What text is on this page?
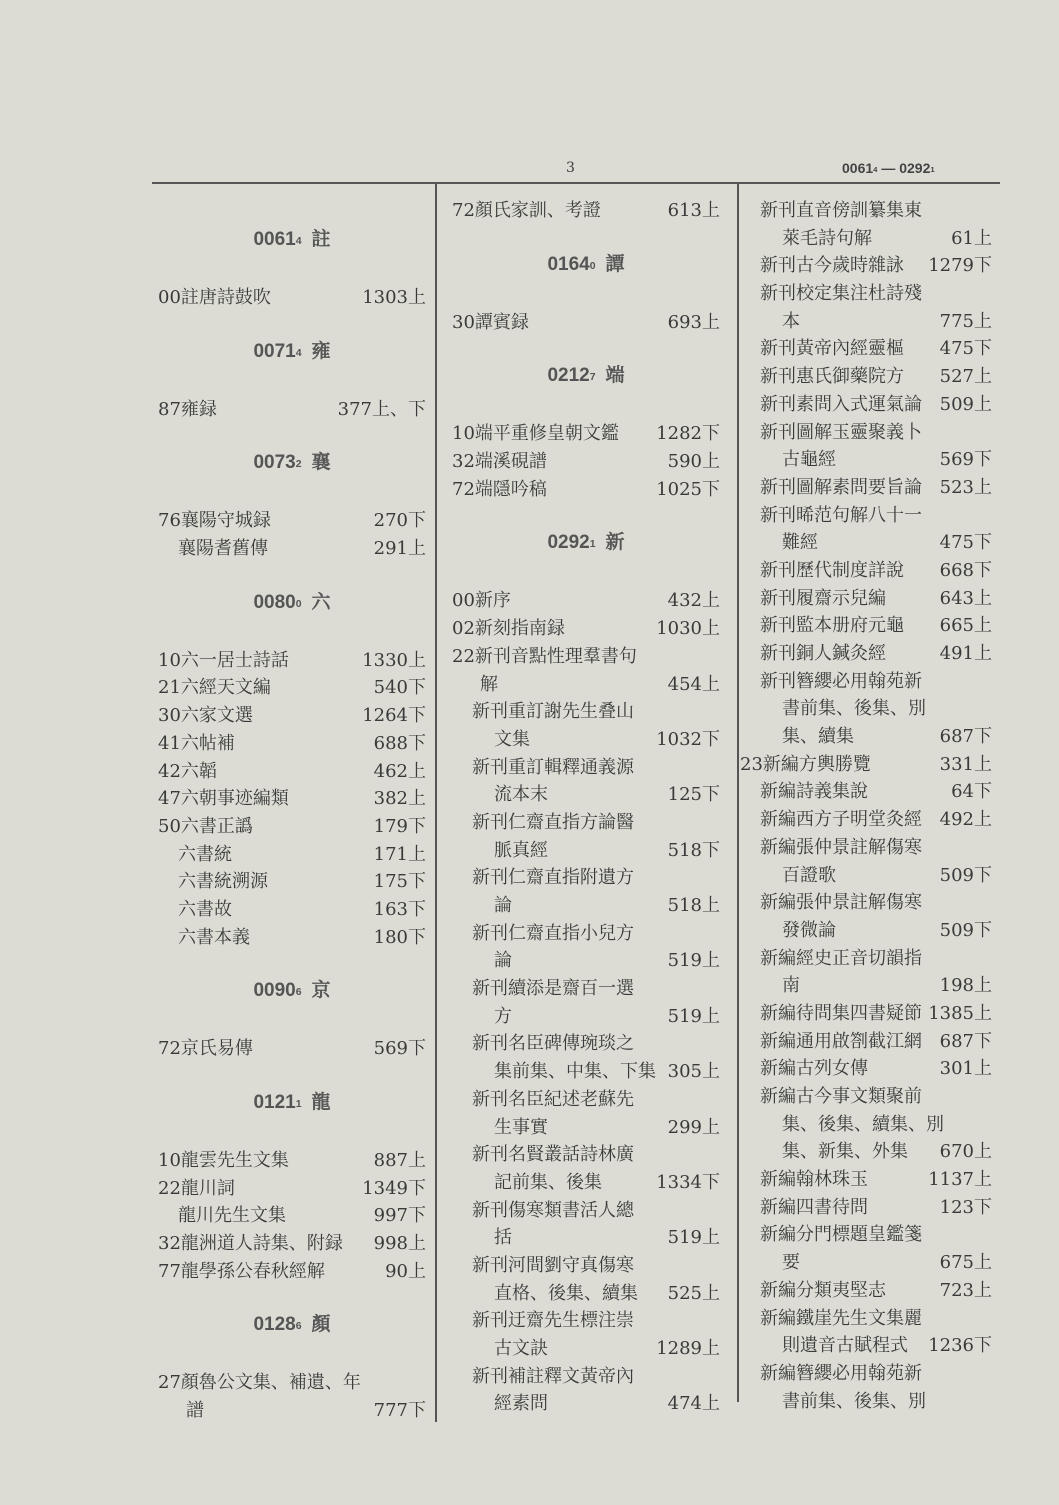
3	$0061_4$ — $0292_1$
$0061_4$ 註
00註唐詩鼓吹	1303上
$0071_4$ 雍
87雍録	377上、下
$0073_2$ 襄
76襄陽守城録	270下
襄陽耆舊傳	291上
$0080_0$ 六
10六一居士詩話	1330上
21六經天文編	540下
30六家文選	1264下
41六帖補	688下
42六韜	462上
47六朝事迹編類	382上
50六書正譌	179下
六書統	171上
六書統溯源	175下
六書故	163下
六書本義	180下
$0090_6$ 京
72京氏易傳	569下
$0121_1$ 龍
10龍雲先生文集	887上
22龍川詞	1349下
龍川先生文集	997下
32龍洲道人詩集、附録 998上
77龍學孫公春秋經解	90上
$0128_6$ 顏
27顏魯公文集、補遺、年
譜	777下
72顏氏家訓、考證	613上
$0164_0$ 譚
30譚賓録	693上
$0212_7$ 端
10端平重修皇朝文鑑 1282下
32端溪硯譜	590上
72端隱吟稿	1025下
$0292_1$ 新
00新序	432上
02新刻指南録	1030上
22新刊音點性理羣書句
解	454上
新刊重訂謝先生叠山
文集	1032下
新刊重訂輯釋通義源
流本末	125下
新刊仁齋直指方論醫
脈真經	518下
新刊仁齋直指附遺方
論	518上
新刊仁齋直指小兒方
論	519上
新刊續添是齋百一選
方	519上
新刊名臣碑傳琬琰之
集前集、中集、下集 305上
新刊名臣紀述老蘇先
生事實	299上
新刊名賢叢話詩林廣
記前集、後集	1334下
新刊傷寒類書活人總
括	519上
新刊河間劉守真傷寒
直格、後集、續集 525上
新刊迂齋先生標注崇
古文訣	1289上
新刊補註釋文黃帝內
經素問	474上
新刊直音傍訓纂集東
萊毛詩句解	61上
新刊古今歲時雜詠 1279下
新刊校定集注杜詩殘
本	775上
新刊黃帝內經靈樞 475下
新刊惠氏御藥院方 527上
新刊素問入式運氣論 509上
新刊圖解玉靈聚義卜
古龜經	569下
新刊圖解素問要旨論 523上
新刊晞范句解八十一
難經	475下
新刊歷代制度詳說 668下
新刊履齋示兒編	643上
新刊監本册府元龜 665上
新刊銅人鍼灸經	491上
新刊簪纓必用翰苑新
書前集、後集、別
集、續集	687下
23新編方輿勝覽	331上
新編詩義集說	64下
新編西方子明堂灸經 492上
新編張仲景註解傷寒
百證歌	509下
新編張仲景註解傷寒
發微論	509下
新編經史正音切韻指
南	198上
新編待問集四書疑節 1385上
新編通用啟劄截江網 687下
新編古列女傳	301上
新編古今事文類聚前
集、後集、續集、別
集、新集、外集 670上
新編翰林珠玉	1137上
新編四書待問	123下
新編分門標題皇鑑箋
要	675上
新編分類夷堅志	723上
新編鐵崖先生文集麗
則遺音古賦程式 1236下
新編簪纓必用翰苑新
書前集、後集、別
